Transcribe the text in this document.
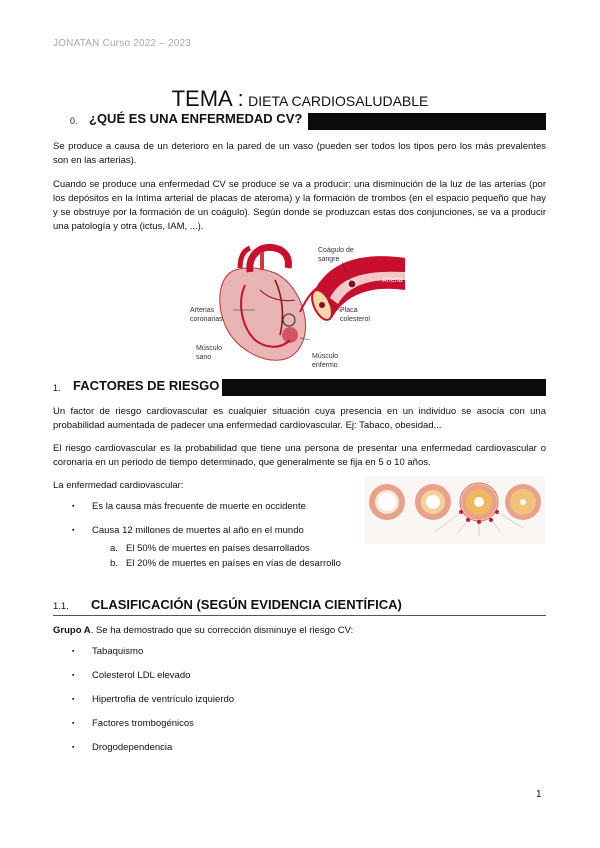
JONATAN Curso 2022 – 2023
TEMA : DIETA CARDIOSALUDABLE
0. ¿QUÉ ES UNA ENFERMEDAD CV?
Se produce a causa de un deterioro en la pared de un vaso (pueden ser todos los tipos pero los más prevalentes son en las arterias).
Cuando se produce una enfermedad CV se produce se va a producir: una disminución de la luz de las arterias (por los depósitos en la íntima arterial de placas de ateroma) y la formación de trombos (en el espacio pequeño que hay y se obstruye por la formación de un coágulo). Según donde se produzcan estas dos conjunciones, se va a producir una patología y otra (ictus, IAM, ...).
Coágulo de
sangre
Arteria
Arterias
coronarias
Placa
colesterol
Músculo
sano	Músculo
enfermo
1. FACTORES DE RIESGO
Un factor de riesgo cardiovascular es cualquier situación cuya presencia en un individuo se asocia con una probabilidad aumentada de padecer una enfermedad cardiovascular. Ej: Tabaco, obesidad...
El riesgo cardiovascular es la probabilidad que tiene una persona de presentar una enfermedad cardiovascular o coronaria en un periodo de tiempo determinado, que generalmente se fija en 5 o 10 años.
La enfermedad cardiovascular:
▪ Es la causa más frecuente de muerte en occidente
▪ Causa 12 millones de muertes al año en el mundo
a. El 50% de muertes en países desarrollados
b. El 20% de muertes en países en vías de desarrollo
1.1. CLASIFICACIÓN (SEGÚN EVIDENCIA CIENTÍFICA)
Grupo A. Se ha demostrado que su corrección disminuye el riesgo CV:
▪ Tabaquismo
▪ Colesterol LDL elevado
▪ Hipertrofia de ventrículo izquierdo
▪ Factores trombogénicos
▪ Drogodependencia
1
